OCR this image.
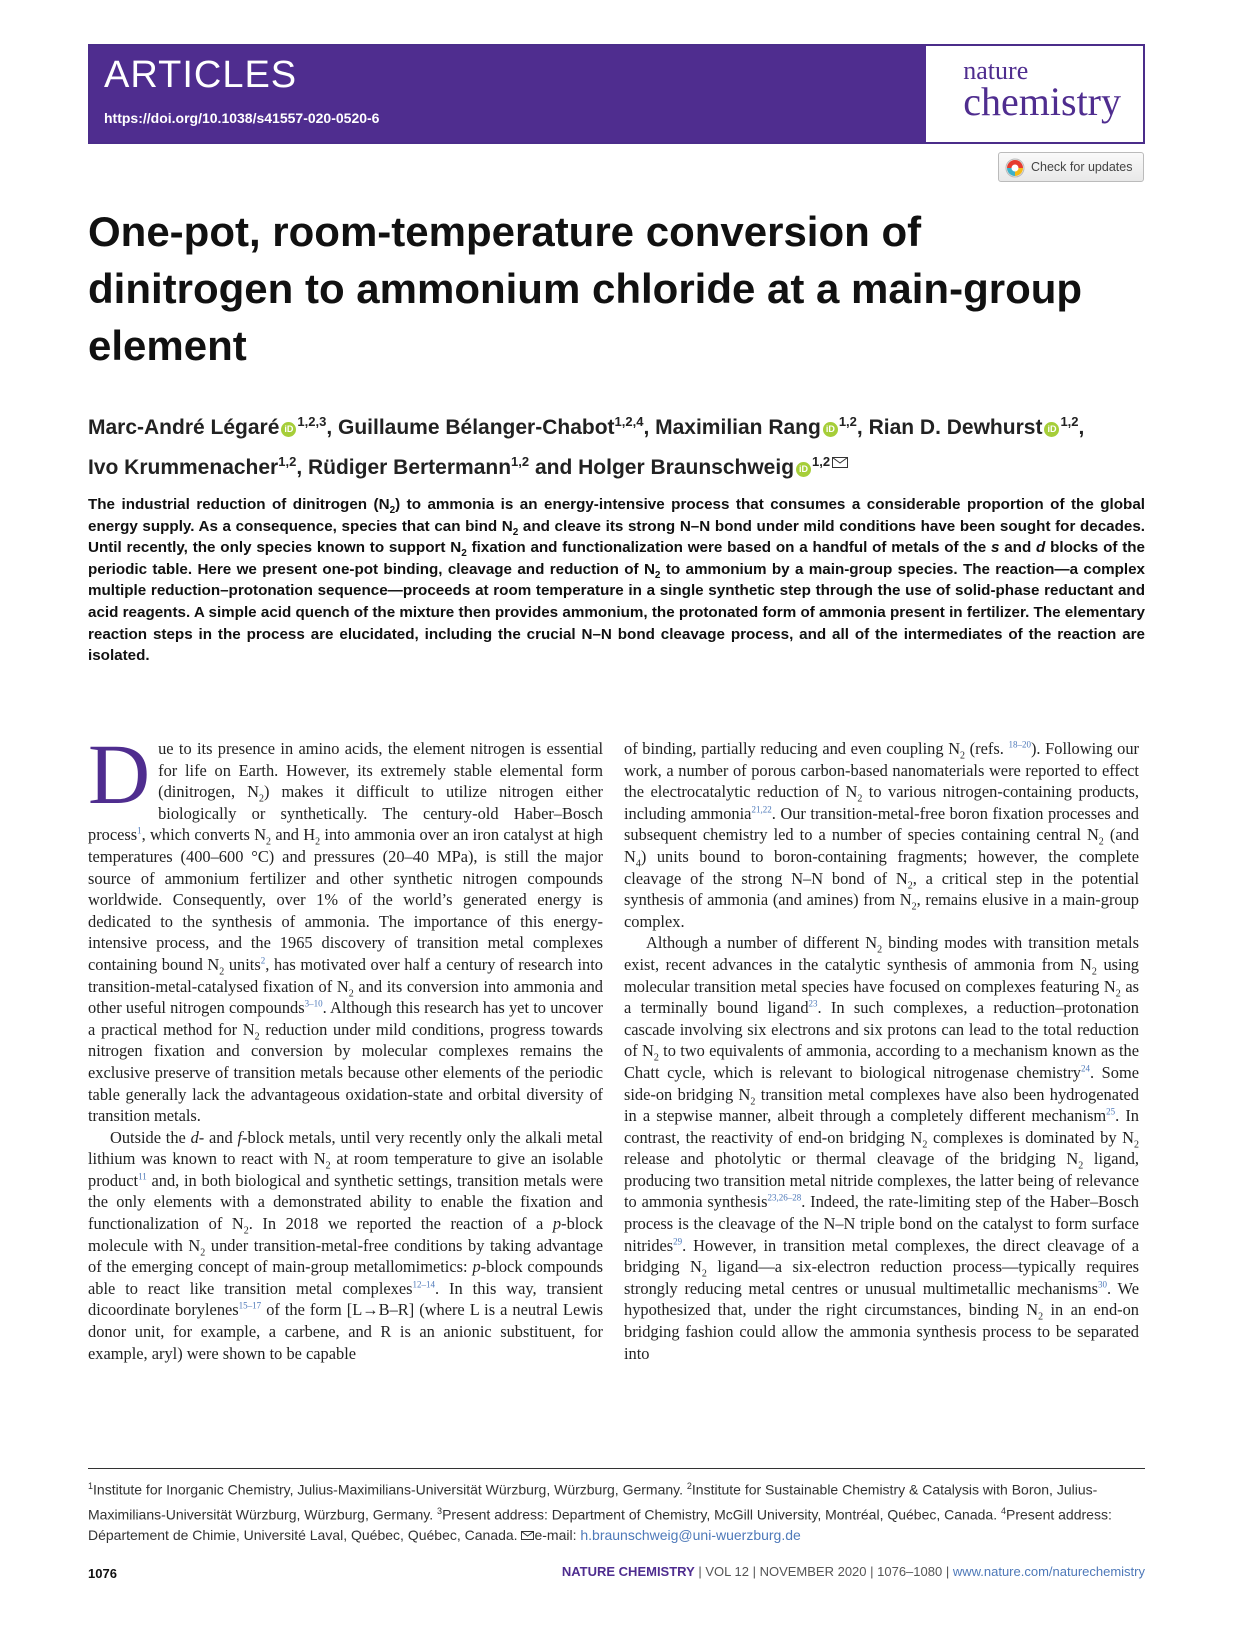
ARTICLES
https://doi.org/10.1038/s41557-020-0520-6
nature
chemistry
Check for updates
One-pot, room-temperature conversion of dinitrogen to ammonium chloride at a main-group element
Marc-André Légaré iD $^{1,2,3}$, Guillaume Bélanger-Chabot$^{1,2,4}$, Maximilian Rang iD $^{1,2}$, Rian D. Dewhurst iD $^{1,2}$,
Ivo Krummenacher$^{1,2}$, Rüdiger Bertermann$^{1,2}$ and Holger Braunschweig iD $^{1,2}$
The industrial reduction of dinitrogen $(N_2)$ to ammonia is an energy-intensive process that consumes a considerable proportion of the global energy supply. As a consequence, species that can bind $N_2$ and cleave its strong N–N bond under mild conditions have been sought for decades. Until recently, the only species known to support $N_2$ fixation and functionalization were based on a handful of metals of the s and d blocks of the periodic table. Here we present one-pot binding, cleavage and reduction of $N_2$ to ammonium by a main-group species. The reaction—a complex multiple reduction–protonation sequence—proceeds at room temperature in a single synthetic step through the use of solid-phase reductant and acid reagents. A simple acid quench of the mixture then provides ammonium, the protonated form of ammonia present in fertilizer. The elementary reaction steps in the process are elucidated, including the crucial N–N bond cleavage process, and all of the intermediates of the reaction are isolated.

Due to its presence in amino acids, the element nitrogen is essential for life on Earth. However, its extremely stable elemental form (dinitrogen, $N_2$) makes it difficult to utilize nitrogen either biologically or synthetically. The century-old Haber–Bosch process$^1$, which converts $N_2$ and $H_2$ into ammonia over an iron catalyst at high temperatures (400–600 °C) and pressures (20–40 MPa), is still the major source of ammonium fertilizer and other synthetic nitrogen compounds worldwide. Consequently, over 1% of the world’s generated energy is dedicated to the synthesis of ammonia. The importance of this energy-intensive process, and the 1965 discovery of transition metal complexes containing bound $N_2$ units$^2$, has motivated over half a century of research into transition-metal-catalysed fixation of $N_2$ and its conversion into ammonia and other useful nitrogen compounds$^{3-10}$. Although this research has yet to uncover a practical method for $N_2$ reduction under mild conditions, progress towards nitrogen fixation and conversion by molecular complexes remains the exclusive preserve of transition metals because other elements of the periodic table generally lack the advantageous oxidation-state and orbital diversity of transition metals.

Outside the d- and f-block metals, until very recently only the alkali metal lithium was known to react with $N_2$ at room temperature to give an isolable product$^{11}$ and, in both biological and synthetic settings, transition metals were the only elements with a demonstrated ability to enable the fixation and functionalization of $N_2$. In 2018 we reported the reaction of a p-block molecule with $N_2$ under transition-metal-free conditions by taking advantage of the emerging concept of main-group metallomimetics: p-block compounds able to react like transition metal complexes$^{12-14}$. In this way, transient dicoordinate borylenes$^{15-17}$ of the form [L→B–R] (where L is a neutral Lewis donor unit, for example, a carbene, and R is an anionic substituent, for example, aryl) were shown to be capable

of binding, partially reducing and even coupling $N_2$ (refs. $^{18-20}$). Following our work, a number of porous carbon-based nanomaterials were reported to effect the electrocatalytic reduction of $N_2$ to various nitrogen-containing products, including ammonia$^{21,22}$. Our transition-metal-free boron fixation processes and subsequent chemistry led to a number of species containing central $N_2$ (and $N_4$) units bound to boron-containing fragments; however, the complete cleavage of the strong N–N bond of $N_2$, a critical step in the potential synthesis of ammonia (and amines) from $N_2$, remains elusive in a main-group complex.

Although a number of different $N_2$ binding modes with transition metals exist, recent advances in the catalytic synthesis of ammonia from $N_2$ using molecular transition metal species have focused on complexes featuring $N_2$ as a terminally bound ligand$^{23}$. In such complexes, a reduction–protonation cascade involving six electrons and six protons can lead to the total reduction of $N_2$ to two equivalents of ammonia, according to a mechanism known as the Chatt cycle, which is relevant to biological nitrogenase chemistry$^{24}$. Some side-on bridging $N_2$ transition metal complexes have also been hydrogenated in a stepwise manner, albeit through a completely different mechanism$^{25}$. In contrast, the reactivity of end-on bridging $N_2$ complexes is dominated by $N_2$ release and photolytic or thermal cleavage of the bridging $N_2$ ligand, producing two transition metal nitride complexes, the latter being of relevance to ammonia synthesis$^{23,26-28}$. Indeed, the rate-limiting step of the Haber–Bosch process is the cleavage of the N–N triple bond on the catalyst to form surface nitrides$^{29}$. However, in transition metal complexes, the direct cleavage of a bridging $N_2$ ligand—a six-electron reduction process—typically requires strongly reducing metal centres or unusual multimetallic mechanisms$^{30}$. We hypothesized that, under the right circumstances, binding $N_2$ in an end-on bridging fashion could allow the ammonia synthesis process to be separated into

$^1$Institute for Inorganic Chemistry, Julius-Maximilians-Universität Würzburg, Würzburg, Germany. $^2$Institute for Sustainable Chemistry & Catalysis with Boron, Julius-Maximilians-Universität Würzburg, Würzburg, Germany. $^3$Present address: Department of Chemistry, McGill University, Montréal, Québec, Canada. $^4$Present address: Département de Chimie, Université Laval, Québec, Québec, Canada. e-mail: h.braunschweig@uni-wuerzburg.de
1076	NATURE CHEMISTRY | VOL 12 | NOVEMBER 2020 | 1076–1080 | www.nature.com/naturechemistry
